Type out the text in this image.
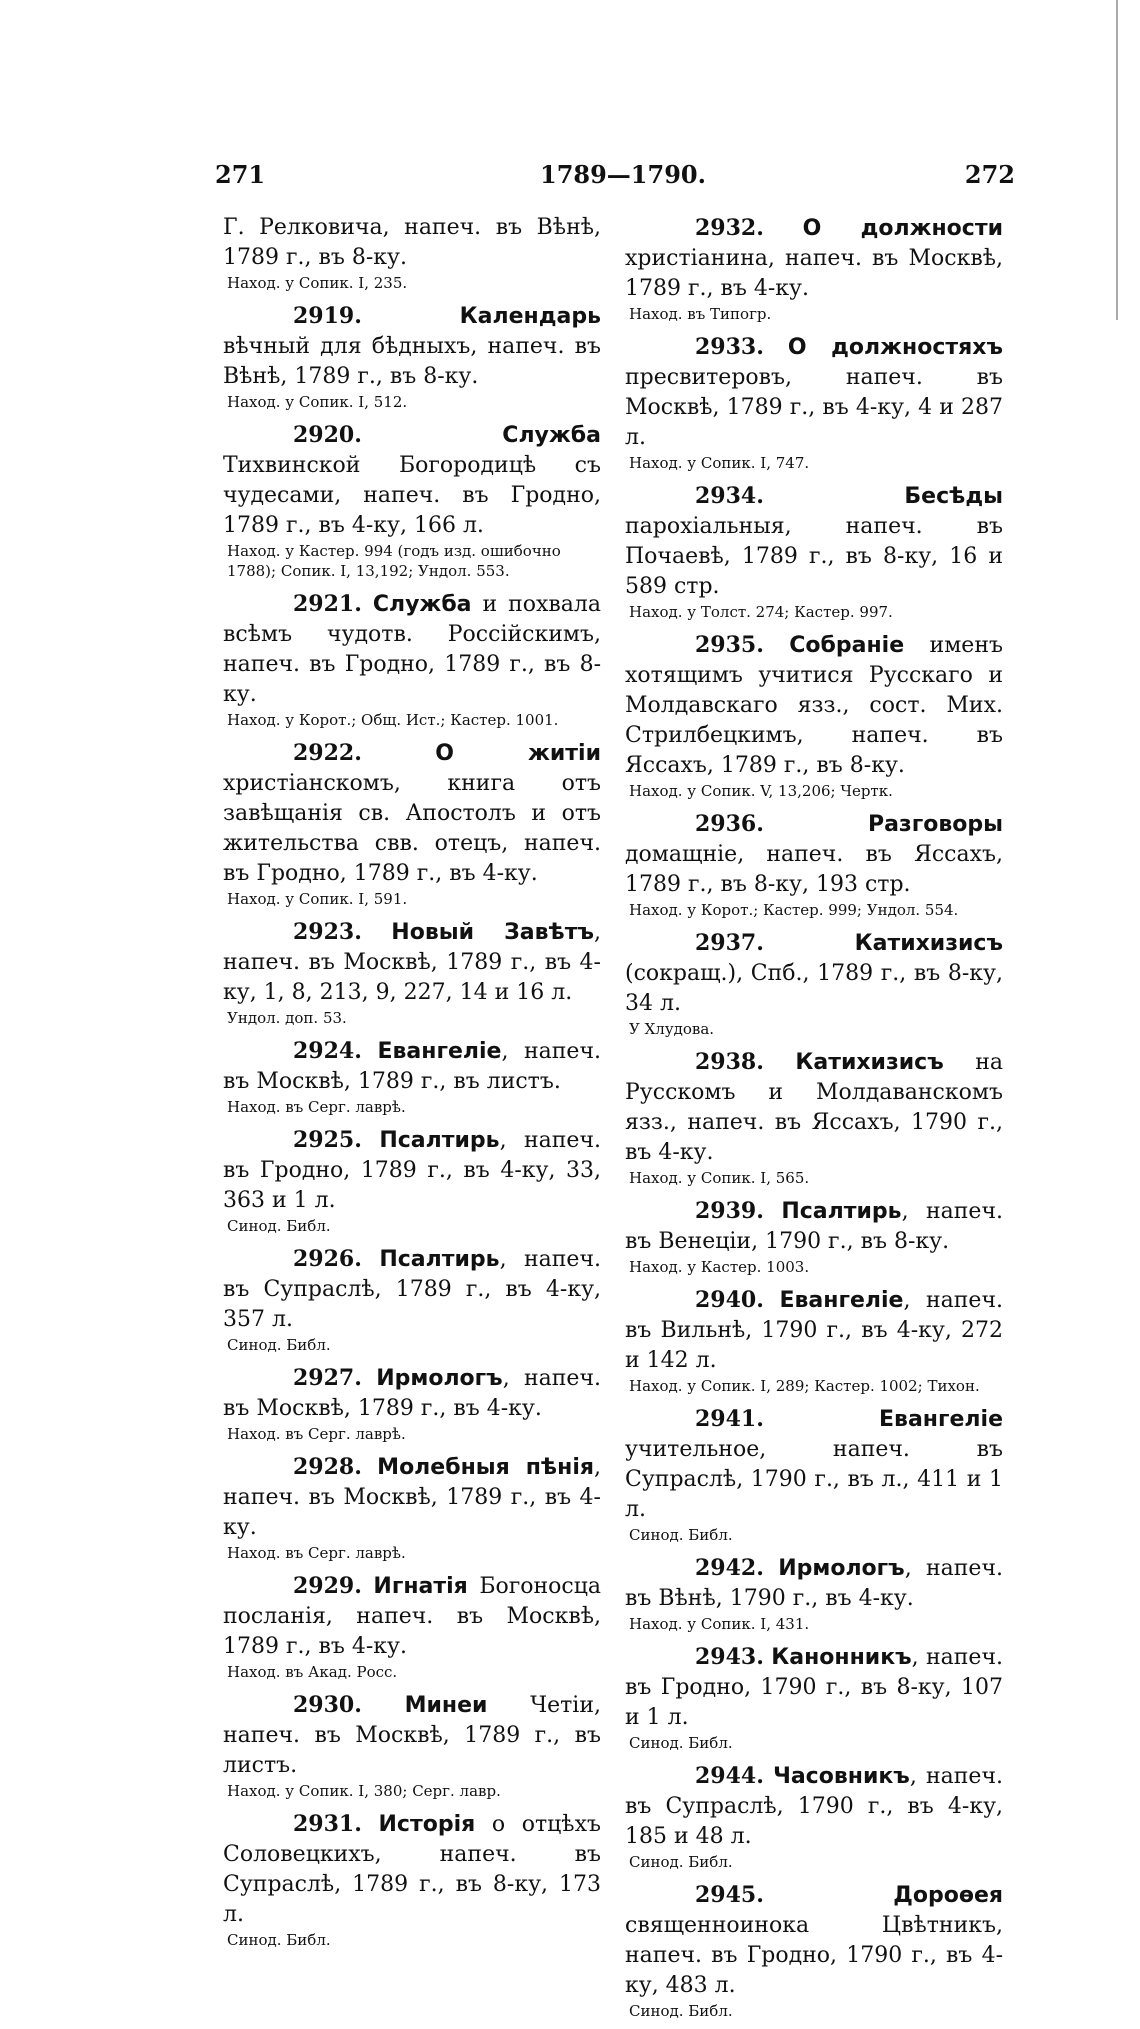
271	1789—1790.	272
Г. Релковича, напеч. въ Вѣнѣ, 1789 г., въ 8-ку.
Наход. у Сопик. I, 235.
2919.	Календарь вѣчный для бѣдныхъ, напеч. въ Вѣнѣ, 1789 г., въ 8-ку.
Наход. у Сопик. I, 512.
2920.	Служба Тихвинской Богородицѣ съ чудесами, напеч. въ Гродно, 1789 г., въ 4-ку, 166 л.
Наход. у Кастер. 994 (годъ изд. ошибочно 1788); Сопик. I, 13,192; Ундол. 553.
2921. Служба и похвала всѣмъ чудотв. Россійскимъ, напеч. въ Гродно, 1789 г., въ 8-ку.
Наход. у Корот.; Общ. Ист.; Кастер. 1001.
2922.	О житіи христіанскомъ, книга отъ завѣщанія св. Апостолъ и отъ жительства свв. отецъ, напеч. въ Гродно, 1789 г., въ 4-ку.
Наход. у Сопик. I, 591.
2923. Новый Завѣтъ, напеч. въ Москвѣ, 1789 г., въ 4-ку, 1, 8, 213, 9, 227, 14 и 16 л.
Ундол. доп. 53.
2924. Евангеліе, напеч. въ Москвѣ, 1789 г., въ листъ.
Наход. въ Серг. лаврѣ.
2925. Псалтирь, напеч. въ Гродно, 1789 г., въ 4-ку, 33, 363 и 1 л.
Синод. Библ.
2926. Псалтирь, напеч. въ Супраслѣ, 1789 г., въ 4-ку, 357 л.
Синод. Библ.
2927. Ирмологъ, напеч. въ Москвѣ, 1789 г., въ 4-ку.
Наход. въ Серг. лаврѣ.
2928. Молебныя пѣнія, напеч. въ Москвѣ, 1789 г., въ 4-ку.
Наход. въ Серг. лаврѣ.
2929. Игнатія Богоносца посланія, напеч. въ Москвѣ, 1789 г., въ 4-ку.
Наход. въ Акад. Росс.
2930. Минеи Четіи, напеч. въ Москвѣ, 1789 г., въ листъ.
Наход. у Сопик. I, 380; Серг. лавр.
2931. Исторія о отцѣхъ Соловецкихъ, напеч. въ Супраслѣ, 1789 г., въ 8-ку, 173 л.
Синод. Библ.
2932. О должности христіанина, напеч. въ Москвѣ, 1789 г., въ 4-ку.
Наход. въ Типогр.
2933. О должностяхъ пресвитеровъ, напеч. въ Москвѣ, 1789 г., въ 4-ку, 4 и 287 л.
Наход. у Сопик. I, 747.
2934.	Бесѣды парохіальныя, напеч. въ Почаевѣ, 1789 г., въ 8-ку, 16 и 589 стр.
Наход. у Толст. 274; Кастер. 997.
2935. Собраніе именъ хотящимъ учитися Русскаго и Молдавскаго язз., сост. Мих. Стрилбецкимъ, напеч. въ Яссахъ, 1789 г., въ 8-ку.
Наход. у Сопик. V, 13,206; Чертк.
2936.	Разговоры домащніе, напеч. въ Яссахъ, 1789 г., въ 8-ку, 193 стр.
Наход. у Корот.; Кастер. 999; Ундол. 554.
2937.	Катихизисъ (сокращ.), Спб., 1789 г., въ 8-ку, 34 л.
У Хлудова.
2938. Катихизисъ на Русскомъ и Молдаванскомъ язз., напеч. въ Яссахъ, 1790 г., въ 4-ку.
Наход. у Сопик. I, 565.
2939. Псалтирь, напеч. въ Венеціи, 1790 г., въ 8-ку.
Наход. у Кастер. 1003.
2940. Евангеліе, напеч. въ Вильнѣ, 1790 г., въ 4-ку, 272 и 142 л.
Наход. у Сопик. I, 289; Кастер. 1002; Тихон.
2941.	Евангеліе учительное, напеч. въ Супраслѣ, 1790 г., въ л., 411 и 1 л.
Синод. Библ.
2942. Ирмологъ, напеч. въ Вѣнѣ, 1790 г., въ 4-ку.
Наход. у Сопик. I, 431.
2943. Канонникъ, напеч. въ Гродно, 1790 г., въ 8-ку, 107 и 1 л.
Синод. Библ.
2944. Часовникъ, напеч. въ Супраслѣ, 1790 г., въ 4-ку, 185 и 48 л.
Синод. Библ.
2945.	Дороѳея священноинока Цвѣтникъ, напеч. въ Гродно, 1790 г., въ 4-ку, 483 л.
Синод. Библ.
